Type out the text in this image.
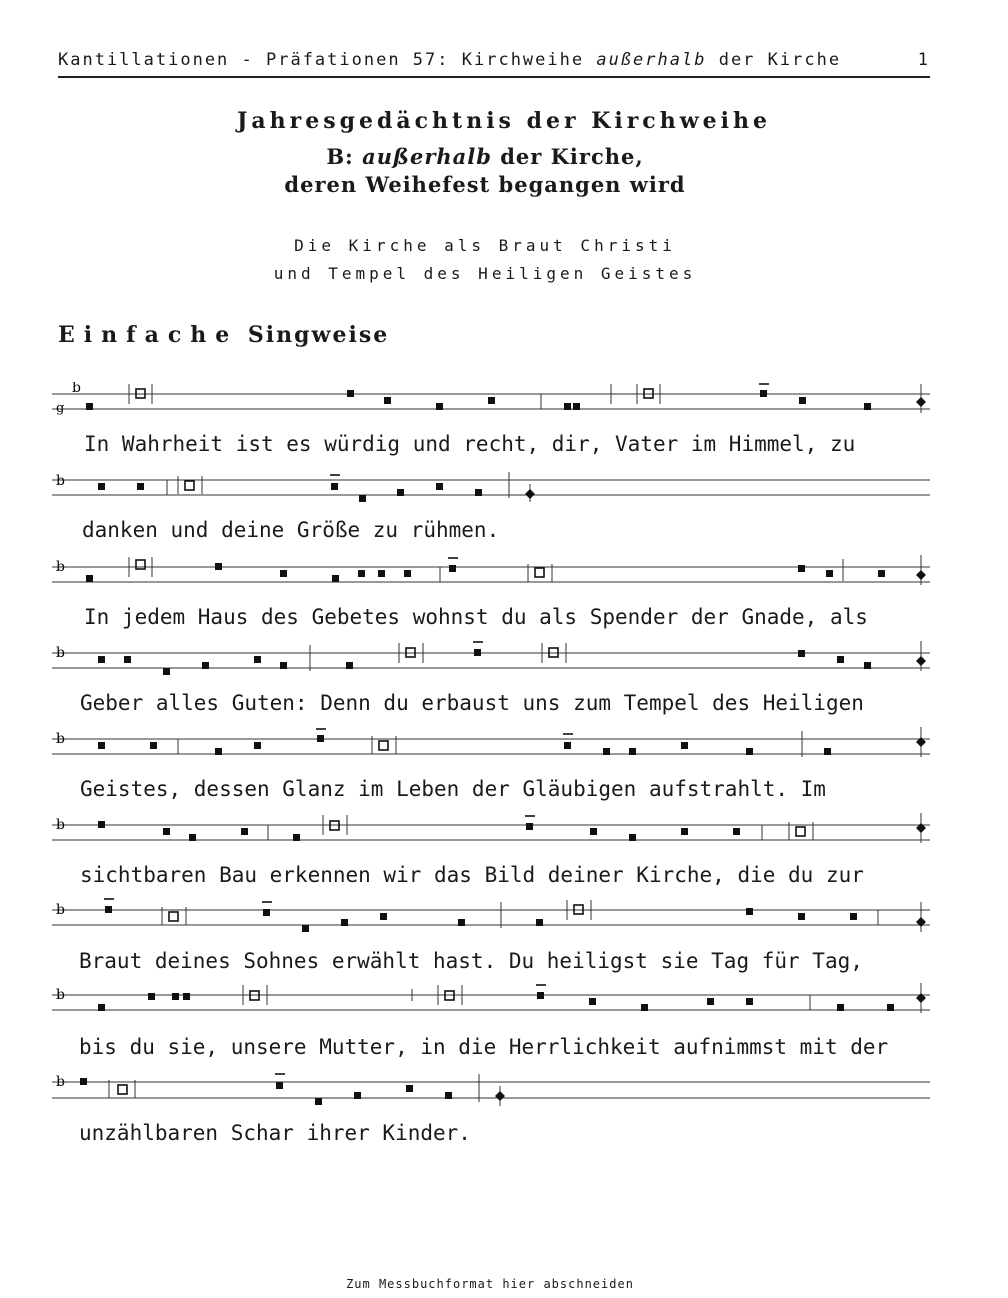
Kantillationen - Präfationen 57: Kirchweihe außerhalb der Kirche	1
Jahresgedächtnis der Kirchweihe
B: außerhalb der Kirche,
deren Weihefest begangen wird
Die Kirche als Braut Christi
und Tempel des Heiligen Geistes
Einfache Singweise
b
g
In Wahrheit ist es würdig und recht, dir, Vater im Himmel, zu
b
danken und deine Größe zu rühmen.
b
In jedem Haus des Gebetes wohnst du als Spender der Gnade, als
b
Geber alles Guten: Denn du erbaust uns zum Tempel des Heiligen
b
Geistes, dessen Glanz im Leben der Gläubigen aufstrahlt. Im
b
sichtbaren Bau erkennen wir das Bild deiner Kirche, die du zur
b
Braut deines Sohnes erwählt hast. Du heiligst sie Tag für Tag,
b
bis du sie, unsere Mutter, in die Herrlichkeit aufnimmst mit der
b
unzählbaren Schar ihrer Kinder.
Zum Messbuchformat hier abschneiden
